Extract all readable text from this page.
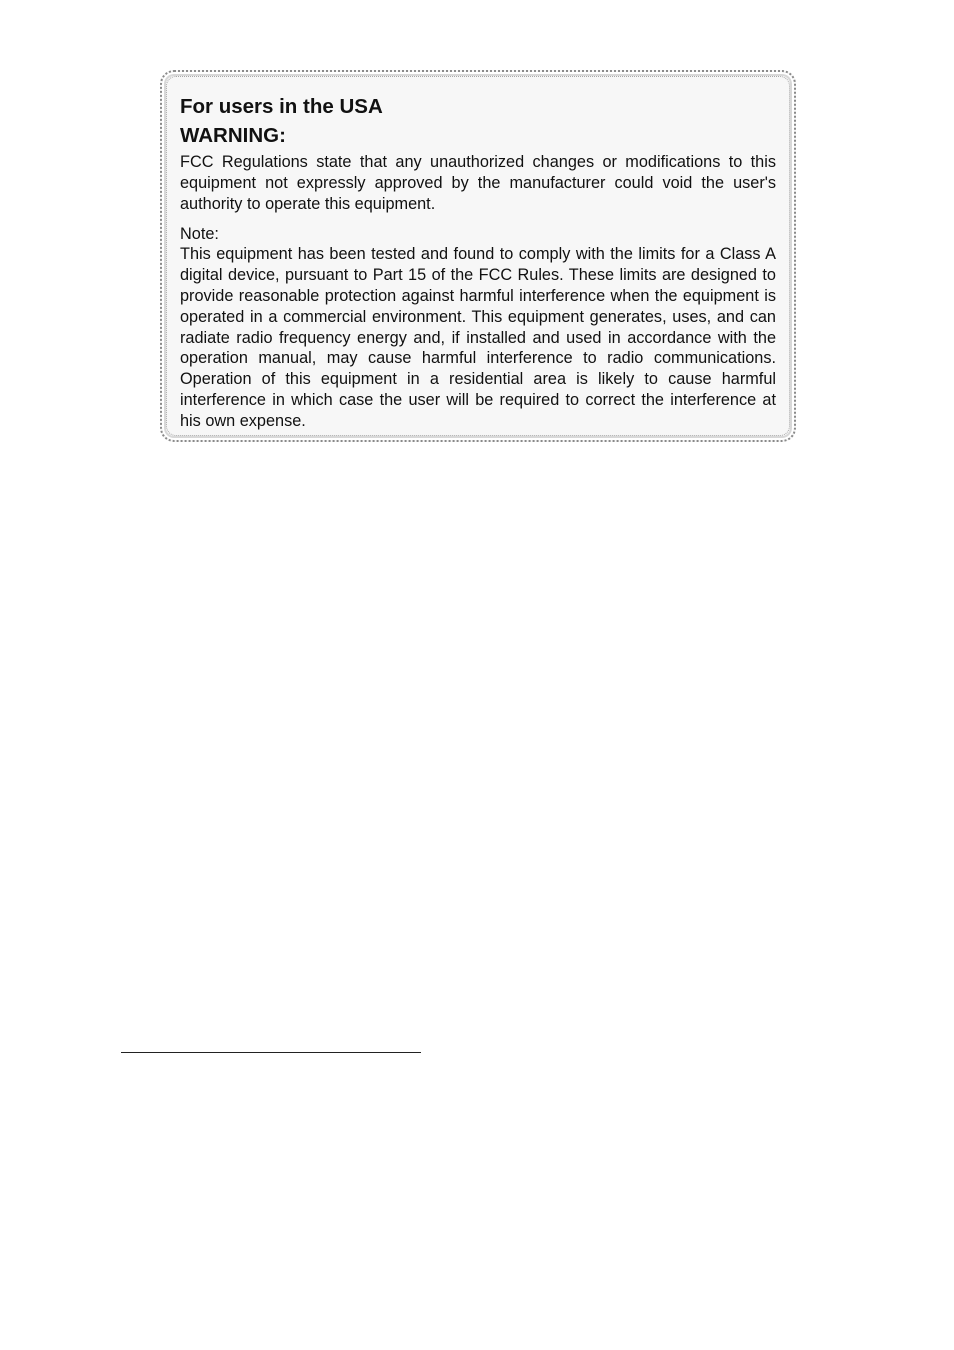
For users in the USA
WARNING:

FCC Regulations state that any unauthorized changes or modifications to this equipment not expressly approved by the manufacturer could void the user's authority to operate this equipment.

Note:

This equipment has been tested and found to comply with the limits for a Class A digital device, pursuant to Part 15 of the FCC Rules. These limits are designed to provide reasonable protection against harmful interference when the equipment is operated in a commercial environment. This equipment generates, uses, and can radiate radio frequency energy and, if installed and used in accordance with the operation manual, may cause harmful interference to radio communications. Operation of this equipment in a residential area is likely to cause harmful interference in which case the user will be required to correct the interference at his own expense.
